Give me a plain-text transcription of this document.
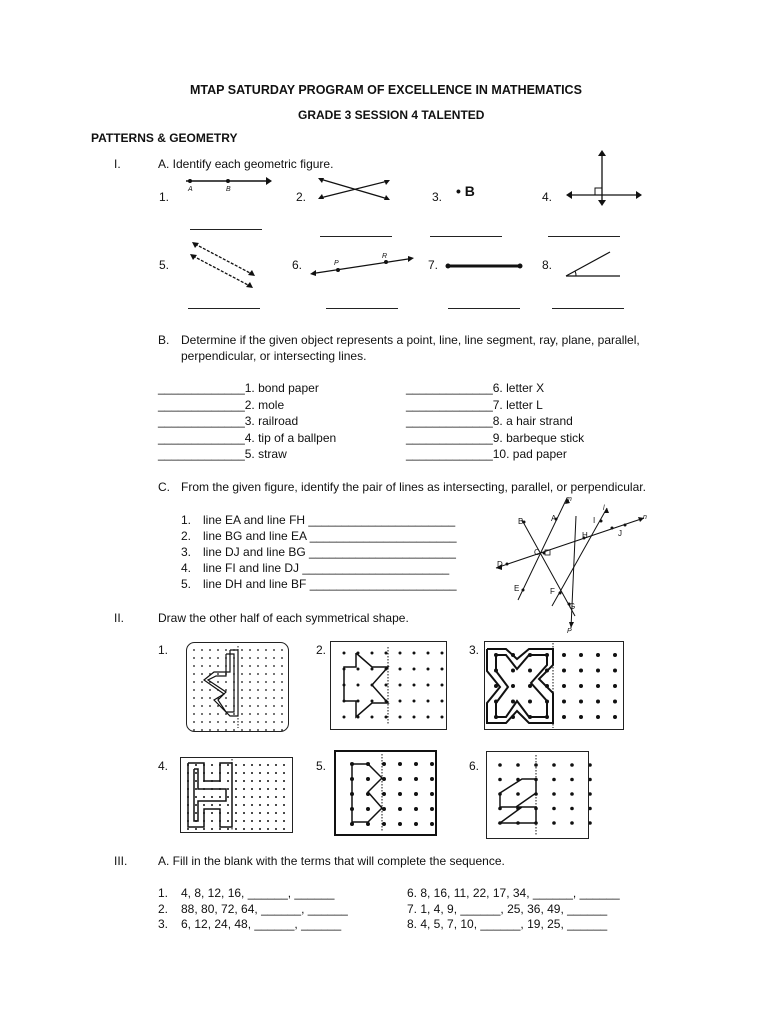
MTAP SATURDAY PROGRAM OF EXCELLENCE IN MATHEMATICS
GRADE 3 SESSION 4 TALENTED
PATTERNS & GEOMETRY
I.	A. Identify each geometric figure.
1.	2.	3.	4.
5.	6.	7.	8.
A	B	• B
P
R
B. Determine if the given object represents a point, line, line segment, ray, plane, parallel,
perpendicular, or intersecting lines.
_____________1. bond paper
_____________2. mole
_____________3. railroad
_____________4. tip of a ballpen
_____________5. straw
_____________6. letter X
_____________7. letter L
_____________8. a hair strand
_____________9. barbeque stick
_____________10. pad paper
C. From the given figure, identify the pair of lines as intersecting, parallel, or perpendicular.
1. line EA and line FH ______________________
2. line BG and line EA ______________________
3. line DJ and line BG ______________________
4. line FI and line DJ ______________________
5. line DH and line BF ______________________
m
B	A	I
l
n
H	J
C
D
E	F
G
P
II.	Draw the other half of each symmetrical shape.
1.	2.	3.
4.	5.	6.
III.	A. Fill in the blank with the terms that will complete the sequence.
1. 4, 8, 12, 16, ______, ______
2. 88, 80, 72, 64, ______, ______
3. 6, 12, 24, 48, ______, ______
6. 8, 16, 11, 22, 17, 34, ______, ______
7. 1, 4, 9, ______, 25, 36, 49, ______
8. 4, 5, 7, 10, ______, 19, 25, ______
